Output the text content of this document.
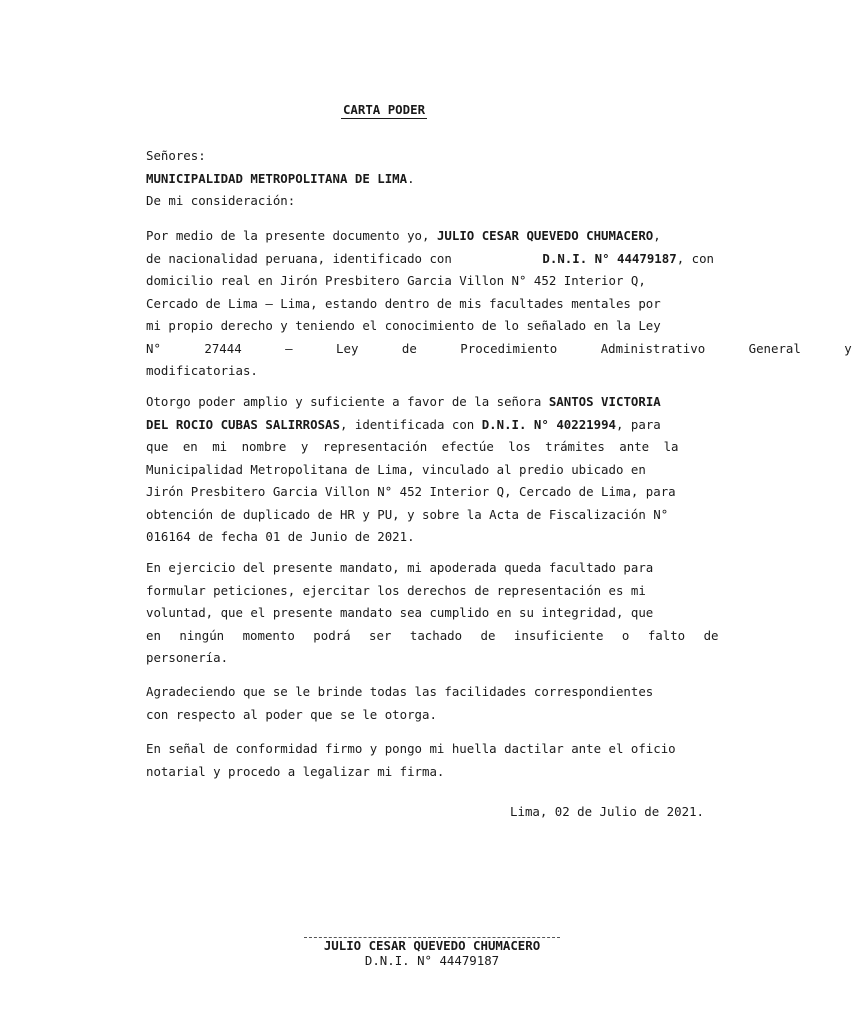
CARTA PODER
Señores:
MUNICIPALIDAD METROPOLITANA DE LIMA.
De mi consideración:
Por medio de la presente documento yo, JULIO CESAR QUEVEDO CHUMACERO,
de nacionalidad peruana, identificado con	D.N.I. N° 44479187 , con
domicilio real en Jirón Presbitero Garcia Villon N° 452 Interior Q,
Cercado de Lima – Lima, estando dentro de mis facultades mentales por
mi propio derecho y teniendo el conocimiento de lo señalado en la Ley
N° 27444 – Ley de Procedimiento Administrativo General y
modificatorias.
Otorgo poder amplio y suficiente a favor de la señora SANTOS VICTORIA
DEL ROCIO CUBAS SALIRROSAS, identificada con D.N.I. N° 40221994, para
que en mi nombre y representación efectúe los trámites ante la
Municipalidad Metropolitana de Lima, vinculado al predio ubicado en
Jirón Presbitero Garcia Villon N° 452 Interior Q, Cercado de Lima, para
obtención de duplicado de HR y PU, y sobre la Acta de Fiscalización N°
016164 de fecha 01 de Junio de 2021.
En ejercicio del presente mandato, mi apoderada queda facultado para
formular peticiones, ejercitar los derechos de representación es mi
voluntad, que el presente mandato sea cumplido en su integridad, que
en ningún momento podrá ser tachado de insuficiente o falto de
personería.
Agradeciendo que se le brinde todas las facilidades correspondientes
con respecto al poder que se le otorga.
En señal de conformidad firmo y pongo mi huella dactilar ante el oficio
notarial y procedo a legalizar mi firma.
Lima, 02 de Julio de 2021.
JULIO CESAR QUEVEDO CHUMACERO
D.N.I. N° 44479187
